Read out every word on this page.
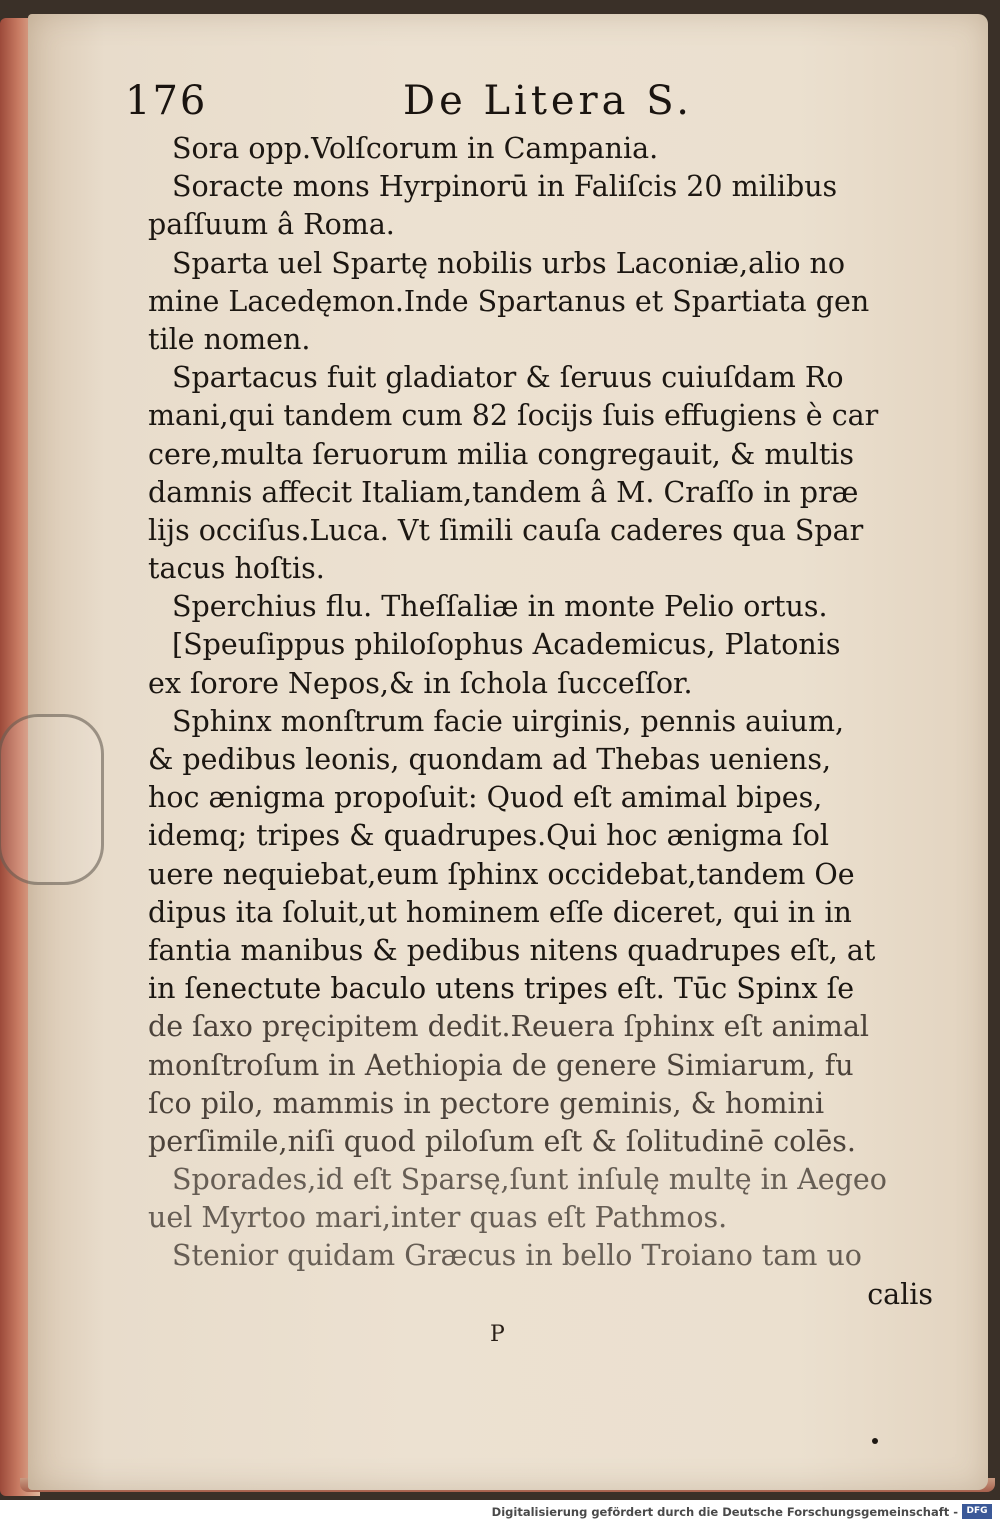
176	De Litera S.
Sora opp.Volſcorum in Campania.
Soracte mons Hyrpinorū in Faliſcis 20 milibus
paſſuum â Roma.
Sparta uel Spartę nobilis urbs Laconiæ,alio no
mine Lacedęmon.Inde Spartanus et Spartiata gen
tile nomen.
Spartacus fuit gladiator & ſeruus cuiuſdam Ro
mani,qui tandem cum 82 ſocijs ſuis effugiens è car
cere,multa ſeruorum milia congregauit, & multis
damnis affecit Italiam,tandem â M. Craſſo in præ
lijs occiſus.Luca. Vt ſimili cauſa caderes qua Spar
tacus hoſtis.
Sperchius flu. Theſſaliæ in monte Pelio ortus.
[Speuſippus philoſophus Academicus, Platonis
ex ſorore Nepos,& in ſchola ſucceſſor.
Sphinx monſtrum facie uirginis, pennis auium,
& pedibus leonis, quondam ad Thebas ueniens,
hoc ænigma propoſuit: Quod eſt amimal bipes,
idemq; tripes & quadrupes.Qui hoc ænigma ſol
uere nequiebat,eum ſphinx occidebat,tandem Oe
dipus ita ſoluit,ut hominem eſſe diceret, qui in in
fantia manibus & pedibus nitens quadrupes eſt, at
in ſenectute baculo utens tripes eſt. Tūc Spinx ſe
de ſaxo pręcipitem dedit.Reuera ſphinx eſt animal
monſtroſum in Aethiopia de genere Simiarum, fu
ſco pilo, mammis in pectore geminis, & homini
perſimile,niſi quod piloſum eſt & ſolitudinē colēs.
Sporades,id eſt Sparsę,ſunt inſulę multę in Aegeo
uel Myrtoo mari,inter quas eſt Pathmos.
Stenior quidam Græcus in bello Troiano tam uo
calis
P
Digitalisierung gefördert durch die Deutsche Forschungsgemeinschaft - DFG
